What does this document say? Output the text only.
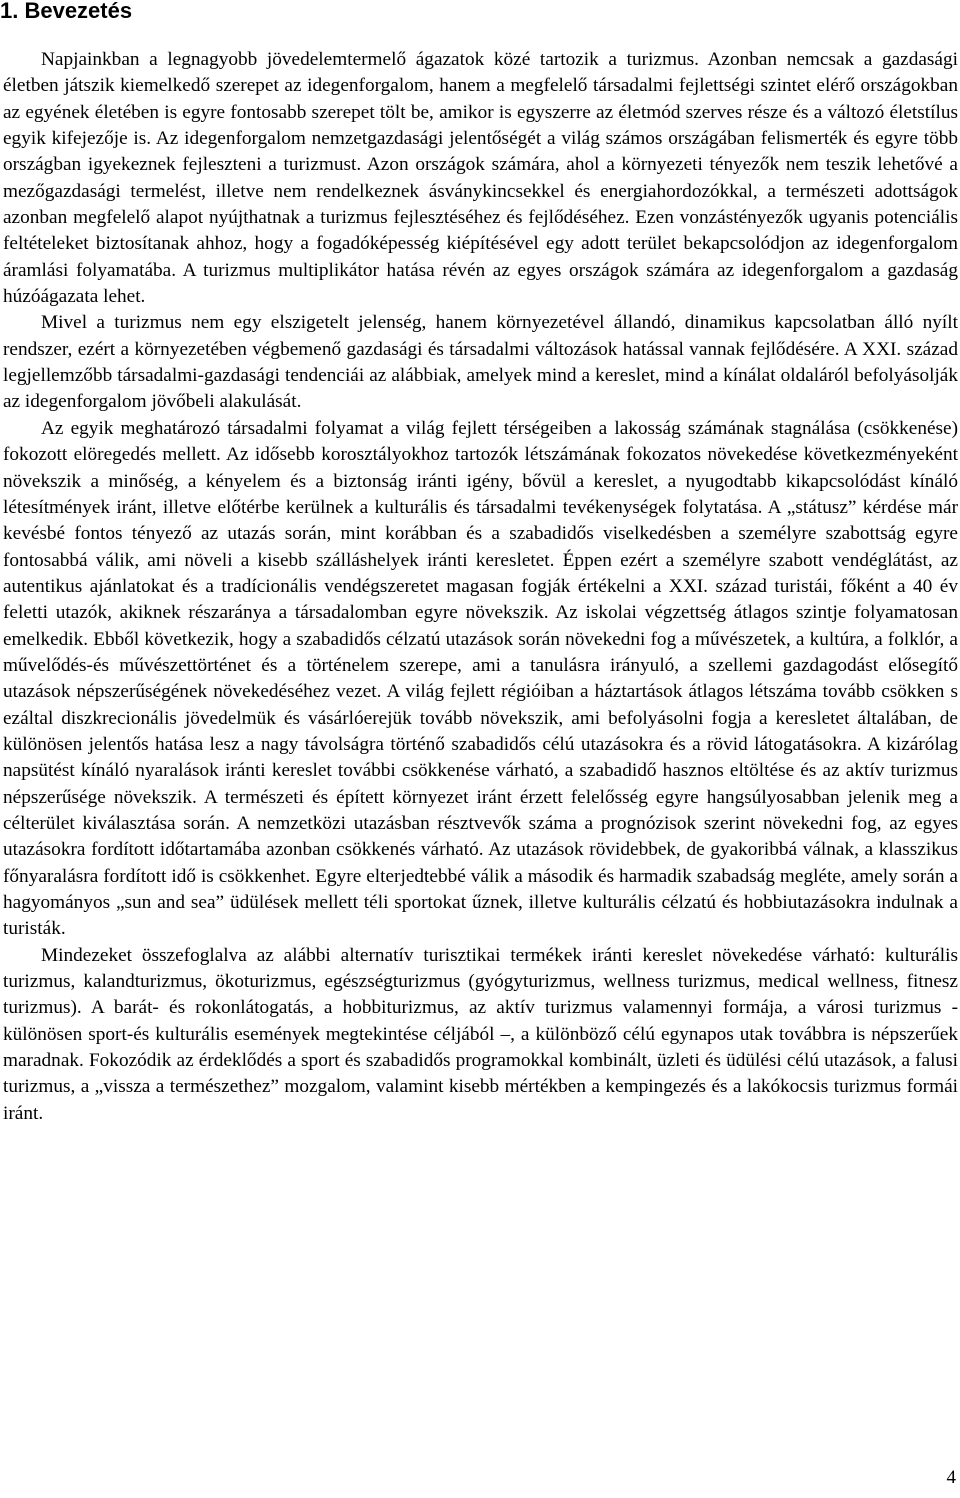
1. Bevezetés

Napjainkban a legnagyobb jövedelemtermelő ágazatok közé tartozik a turizmus. Azonban nemcsak a gazdasági életben játszik kiemelkedő szerepet az idegenforgalom, hanem a megfelelő társadalmi fejlettségi szintet elérő országokban az egyének életében is egyre fontosabb szerepet tölt be, amikor is egyszerre az életmód szerves része és a változó életstílus egyik kifejezője is. Az idegenforgalom nemzetgazdasági jelentőségét a világ számos országában felismerték és egyre több országban igyekeznek fejleszteni a turizmust. Azon országok számára, ahol a környezeti tényezők nem teszik lehetővé a mezőgazdasági termelést, illetve nem rendelkeznek ásványkincsekkel és energiahordozókkal, a természeti adottságok azonban megfelelő alapot nyújthatnak a turizmus fejlesztéséhez és fejlődéséhez. Ezen vonzástényezők ugyanis potenciális feltételeket biztosítanak ahhoz, hogy a fogadóképesség kiépítésével egy adott terület bekapcsolódjon az idegenforgalom áramlási folyamatába. A turizmus multiplikátor hatása révén az egyes országok számára az idegenforgalom a gazdaság húzóágazata lehet.

Mivel a turizmus nem egy elszigetelt jelenség, hanem környezetével állandó, dinamikus kapcsolatban álló nyílt rendszer, ezért a környezetében végbemenő gazdasági és társadalmi változások hatással vannak fejlődésére. A XXI. század legjellemzőbb társadalmi-gazdasági tendenciái az alábbiak, amelyek mind a kereslet, mind a kínálat oldaláról befolyásolják az idegenforgalom jövőbeli alakulását.

Az egyik meghatározó társadalmi folyamat a világ fejlett térségeiben a lakosság számának stagnálása (csökkenése) fokozott elöregedés mellett. Az idősebb korosztályokhoz tartozók létszámának fokozatos növekedése következményeként növekszik a minőség, a kényelem és a biztonság iránti igény, bővül a kereslet, a nyugodtabb kikapcsolódást kínáló létesítmények iránt, illetve előtérbe kerülnek a kulturális és társadalmi tevékenységek folytatása. A „státusz” kérdése már kevésbé fontos tényező az utazás során, mint korábban és a szabadidős viselkedésben a személyre szabottság egyre fontosabbá válik, ami növeli a kisebb szálláshelyek iránti keresletet. Éppen ezért a személyre szabott vendéglátást, az autentikus ajánlatokat és a tradícionális vendégszeretet magasan fogják értékelni a XXI. század turistái, főként a 40 év feletti utazók, akiknek részaránya a társadalomban egyre növekszik. Az iskolai végzettség átlagos szintje folyamatosan emelkedik. Ebből következik, hogy a szabadidős célzatú utazások során növekedni fog a művészetek, a kultúra, a folklór, a művelődés-és művészettörténet és a történelem szerepe, ami a tanulásra irányuló, a szellemi gazdagodást elősegítő utazások népszerűségének növekedéséhez vezet. A világ fejlett régióiban a háztartások átlagos létszáma tovább csökken s ezáltal diszkrecionális jövedelmük és vásárlóerejük tovább növekszik, ami befolyásolni fogja a keresletet általában, de különösen jelentős hatása lesz a nagy távolságra történő szabadidős célú utazásokra és a rövid látogatásokra. A kizárólag napsütést kínáló nyaralások iránti kereslet további csökkenése várható, a szabadidő hasznos eltöltése és az aktív turizmus népszerűsége növekszik. A természeti és épített környezet iránt érzett felelősség egyre hangsúlyosabban jelenik meg a célterület kiválasztása során. A nemzetközi utazásban résztvevők száma a prognózisok szerint növekedni fog, az egyes utazásokra fordított időtartamába azonban csökkenés várható. Az utazások rövidebbek, de gyakoribbá válnak, a klasszikus főnyaralásra fordított idő is csökkenhet. Egyre elterjedtebbé válik a második és harmadik szabadság megléte, amely során a hagyományos „sun and sea” üdülések mellett téli sportokat űznek, illetve kulturális célzatú és hobbiutazásokra indulnak a turisták.

Mindezeket összefoglalva az alábbi alternatív turisztikai termékek iránti kereslet növekedése várható: kulturális turizmus, kalandturizmus, ökoturizmus, egészségturizmus (gyógyturizmus, wellness turizmus, medical wellness, fitnesz turizmus). A barát- és rokonlátogatás, a hobbiturizmus, az aktív turizmus valamennyi formája, a városi turizmus - különösen sport-és kulturális események megtekintése céljából –, a különböző célú egynapos utak továbbra is népszerűek maradnak. Fokozódik az érdeklődés a sport és szabadidős programokkal kombinált, üzleti és üdülési célú utazások, a falusi turizmus, a „vissza a természethez” mozgalom, valamint kisebb mértékben a kempingezés és a lakókocsis turizmus formái iránt.

4
